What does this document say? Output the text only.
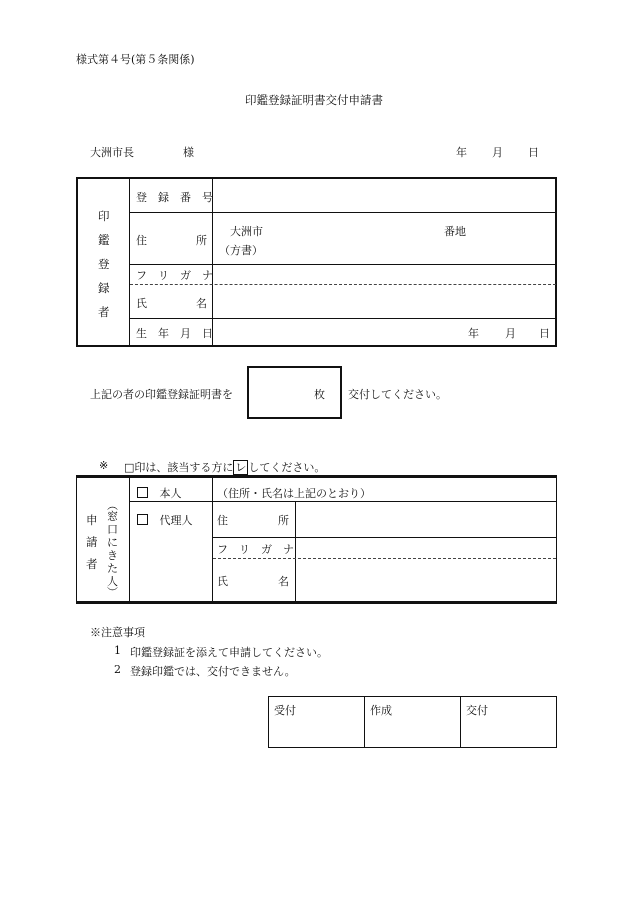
様式第４号(第５条関係)
印鑑登録証明書交付申請書
大洲市長	様	年 月 日
印
鑑
登
録
者
登　録　番　号
住	所
大洲市	番地
（方書）
フ　リ　ガ　ナ
氏	名
生　年　月　日	年 月 日
上記の者の印鑑登録証明書を	枚 交付してください。
※ □印は、該当する方に レ してください。
申
請
者
︵
窓
口
に
き
た
人
︶
本人	（住所・氏名は上記のとおり）
代理人 住	所
フ　リ　ガ　ナ
氏	名
※注意事項
1 印鑑登録証を添えて申請してください。
2 登録印鑑では、交付できません。
受付	作成	交付
